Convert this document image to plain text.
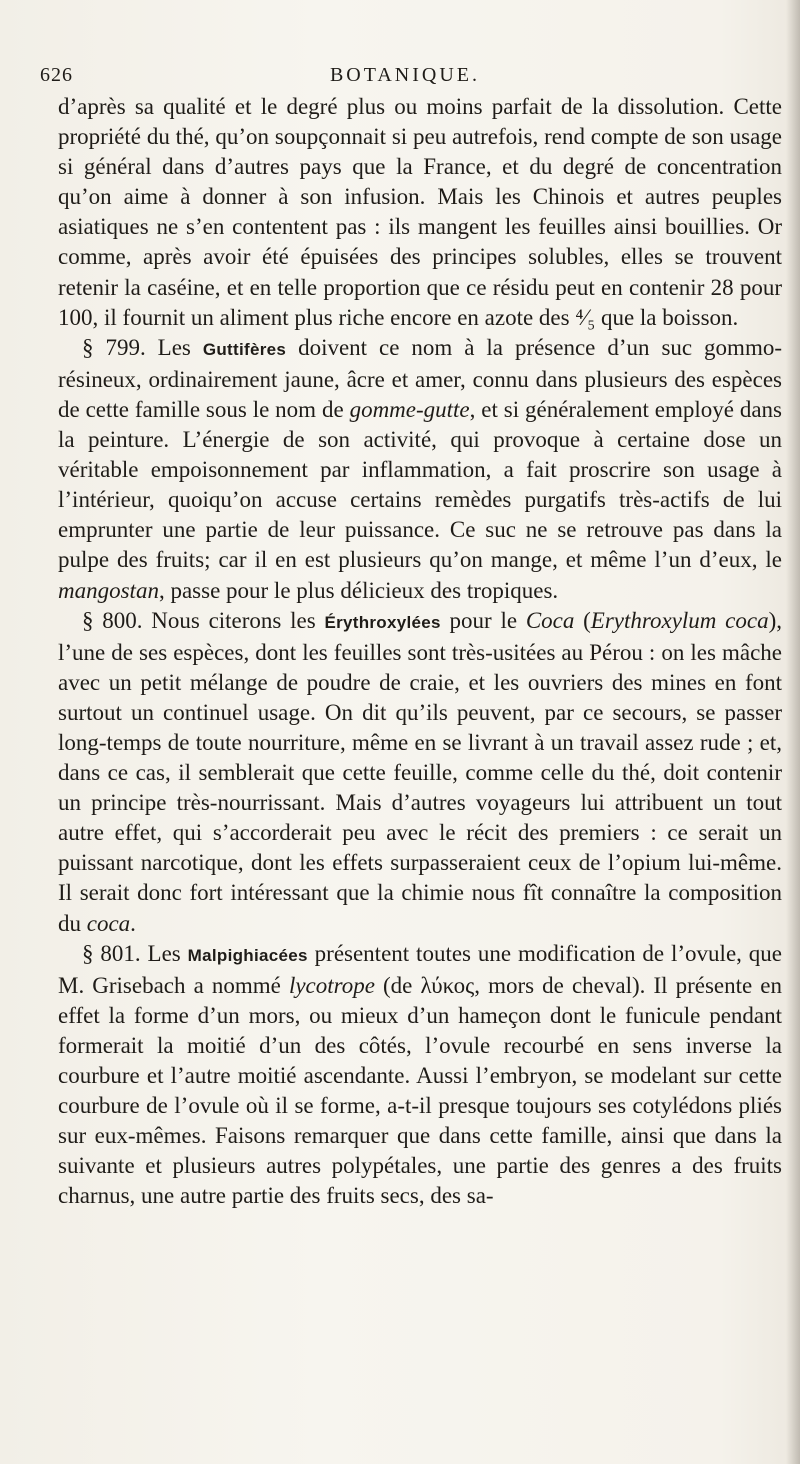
626	BOTANIQUE.

d’après sa qualité et le degré plus ou moins parfait de la dissolution. Cette propriété du thé, qu’on soupçonnait si peu autrefois, rend compte de son usage si général dans d’autres pays que la France, et du degré de concentration qu’on aime à donner à son infusion. Mais les Chinois et autres peuples asiatiques ne s’en contentent pas : ils mangent les feuilles ainsi bouillies. Or comme, après avoir été épuisées des principes solubles, elles se trouvent retenir la caséine, et en telle proportion que ce résidu peut en contenir 28 pour 100, il fournit un aliment plus riche encore en azote des ⁴⁄₅ que la boisson.

§ 799. Les Guttifères doivent ce nom à la présence d’un suc gommo-résineux, ordinairement jaune, âcre et amer, connu dans plusieurs des espèces de cette famille sous le nom de gomme-gutte, et si généralement employé dans la peinture. L’énergie de son activité, qui provoque à certaine dose un véritable empoisonnement par inflammation, a fait proscrire son usage à l’intérieur, quoiqu’on accuse certains remèdes purgatifs très-actifs de lui emprunter une partie de leur puissance. Ce suc ne se retrouve pas dans la pulpe des fruits; car il en est plusieurs qu’on mange, et même l’un d’eux, le mangostan, passe pour le plus délicieux des tropiques.

§ 800. Nous citerons les Érythroxylées pour le Coca (Erythroxylum coca), l’une de ses espèces, dont les feuilles sont très-usitées au Pérou : on les mâche avec un petit mélange de poudre de craie, et les ouvriers des mines en font surtout un continuel usage. On dit qu’ils peuvent, par ce secours, se passer long-temps de toute nourriture, même en se livrant à un travail assez rude ; et, dans ce cas, il semblerait que cette feuille, comme celle du thé, doit contenir un principe très-nourrissant. Mais d’autres voyageurs lui attribuent un tout autre effet, qui s’accorderait peu avec le récit des premiers : ce serait un puissant narcotique, dont les effets surpasseraient ceux de l’opium lui-même. Il serait donc fort intéressant que la chimie nous fît connaître la composition du coca.

§ 801. Les Malpighiacées présentent toutes une modification de l’ovule, que M. Grisebach a nommé lycotrope (de λύκος, mors de cheval). Il présente en effet la forme d’un mors, ou mieux d’un hameçon dont le funicule pendant formerait la moitié d’un des côtés, l’ovule recourbé en sens inverse la courbure et l’autre moitié ascendante. Aussi l’embryon, se modelant sur cette courbure de l’ovule où il se forme, a-t-il presque toujours ses cotylédons pliés sur eux-mêmes. Faisons remarquer que dans cette famille, ainsi que dans la suivante et plusieurs autres polypétales, une partie des genres a des fruits charnus, une autre partie des fruits secs, des sa-
